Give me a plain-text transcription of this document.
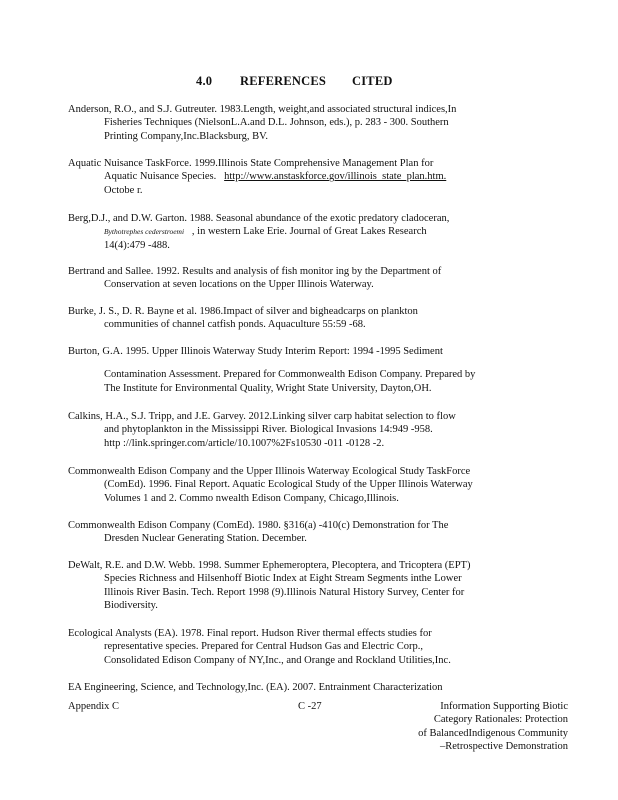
4.0 REFERENCES CITED
Anderson, R.O., and S.J. Gutreuter. 1983.Length, weight,and associated structural indices,In
Fisheries Techniques (NielsonL.A.and D.L. Johnson, eds.), p. 283 - 300. Southern
Printing Company,Inc.Blacksburg, BV.
Aquatic Nuisance TaskForce. 1999.Illinois State Comprehensive Management Plan for
Aquatic Nuisance Species. http://www.anstaskforce.gov/illinois_state_plan.htm.
Octobe r.
Berg,D.J., and D.W. Garton. 1988. Seasonal abundance of the exotic predatory cladoceran,
Bythotrephes cederstroemi , in western Lake Erie. Journal of Great Lakes Research
14(4):479 -488.
Bertrand and Sallee. 1992. Results and analysis of fish monitor ing by the Department of
Conservation at seven locations on the Upper Illinois Waterway.
Burke, J. S., D. R. Bayne et al. 1986.Impact of silver and bigheadcarps on plankton
communities of channel catfish ponds. Aquaculture 55:59 -68.
Burton, G.A. 1995. Upper Illinois Waterway Study Interim Report: 1994 -1995 Sediment
Contamination Assessment. Prepared for Commonwealth Edison Company. Prepared by
The Institute for Environmental Quality, Wright State University, Dayton,OH.
Calkins, H.A., S.J. Tripp, and J.E. Garvey. 2012.Linking silver carp habitat selection to flow
and phytoplankton in the Mississippi River. Biological Invasions 14:949 -958.
http ://link.springer.com/article/10.1007%2Fs10530 -011 -0128 -2.
Commonwealth Edison Company and the Upper Illinois Waterway Ecological Study TaskForce
(ComEd). 1996. Final Report. Aquatic Ecological Study of the Upper Illinois Waterway
Volumes 1 and 2. Commo nwealth Edison Company, Chicago,Illinois.
Commonwealth Edison Company (ComEd). 1980. §316(a) -410(c) Demonstration for The
Dresden Nuclear Generating Station. December.
DeWalt, R.E. and D.W. Webb. 1998. Summer Ephemeroptera, Plecoptera, and Tricoptera (EPT)
Species Richness and Hilsenhoff Biotic Index at Eight Stream Segments inthe Lower
Illinois River Basin. Tech. Report 1998 (9).Illinois Natural History Survey, Center for
Biodiversity.
Ecological Analysts (EA). 1978. Final report. Hudson River thermal effects studies for
representative species. Prepared for Central Hudson Gas and Electric Corp.,
Consolidated Edison Company of NY,Inc., and Orange and Rockland Utilities,Inc.
EA Engineering, Science, and Technology,Inc. (EA). 2007. Entrainment Characterization
Appendix C	C -27	Information Supporting Biotic
Category Rationales: Protection
of BalancedIndigenous Community
–Retrospective Demonstration
